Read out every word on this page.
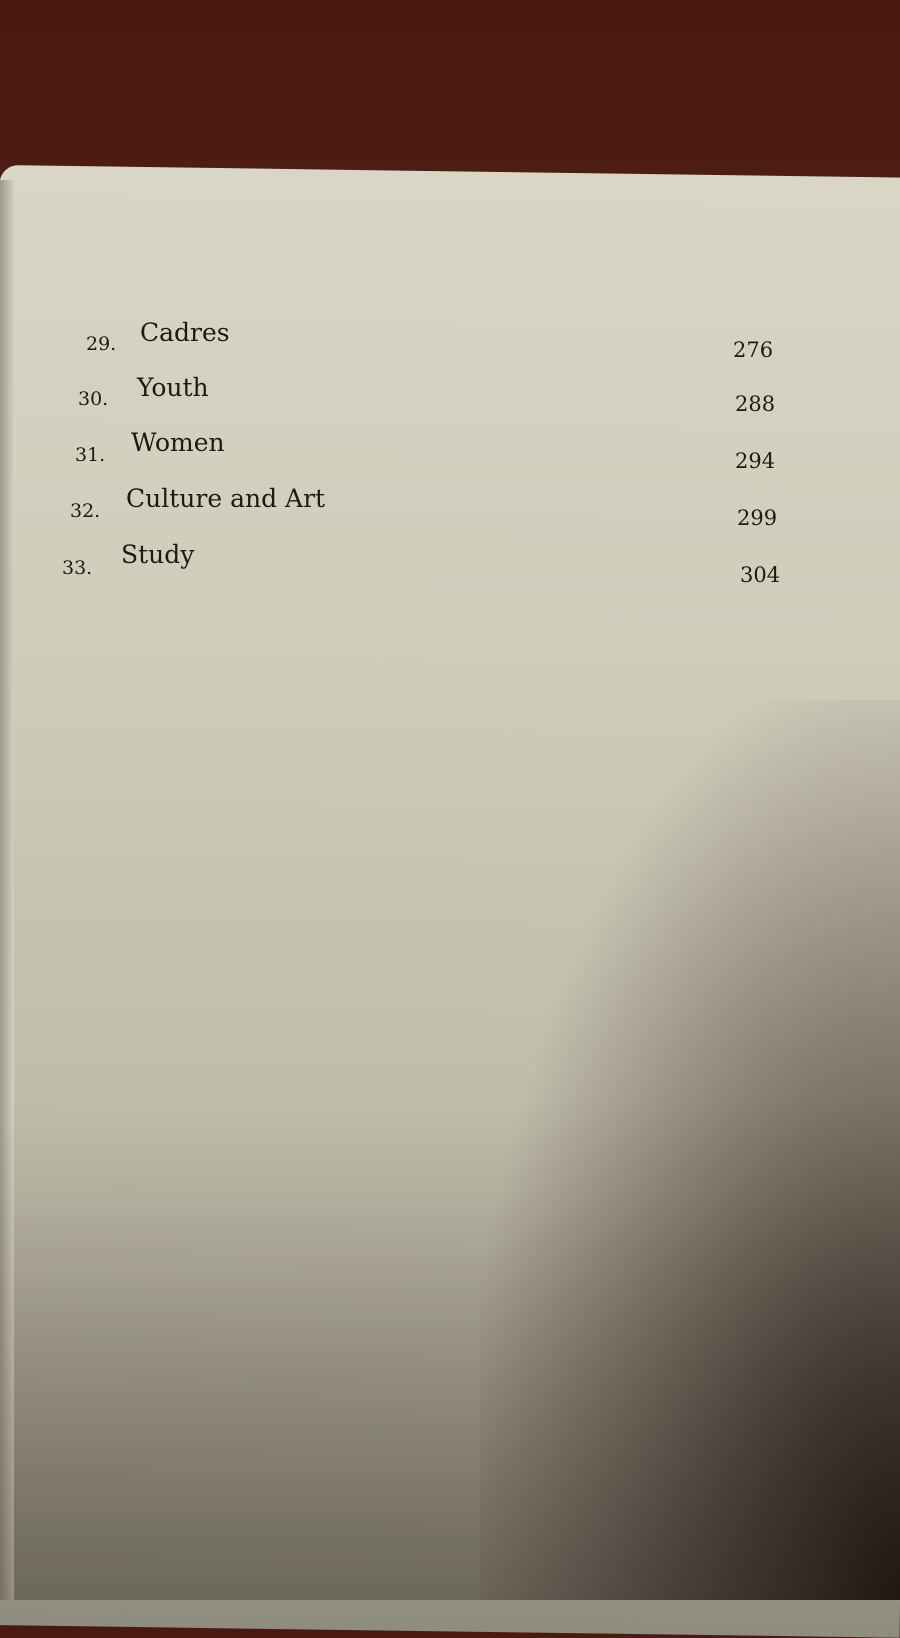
29. Cadres
276
30. Youth
288
31. Women
294
32. Culture and Art
299
33. Study
304
